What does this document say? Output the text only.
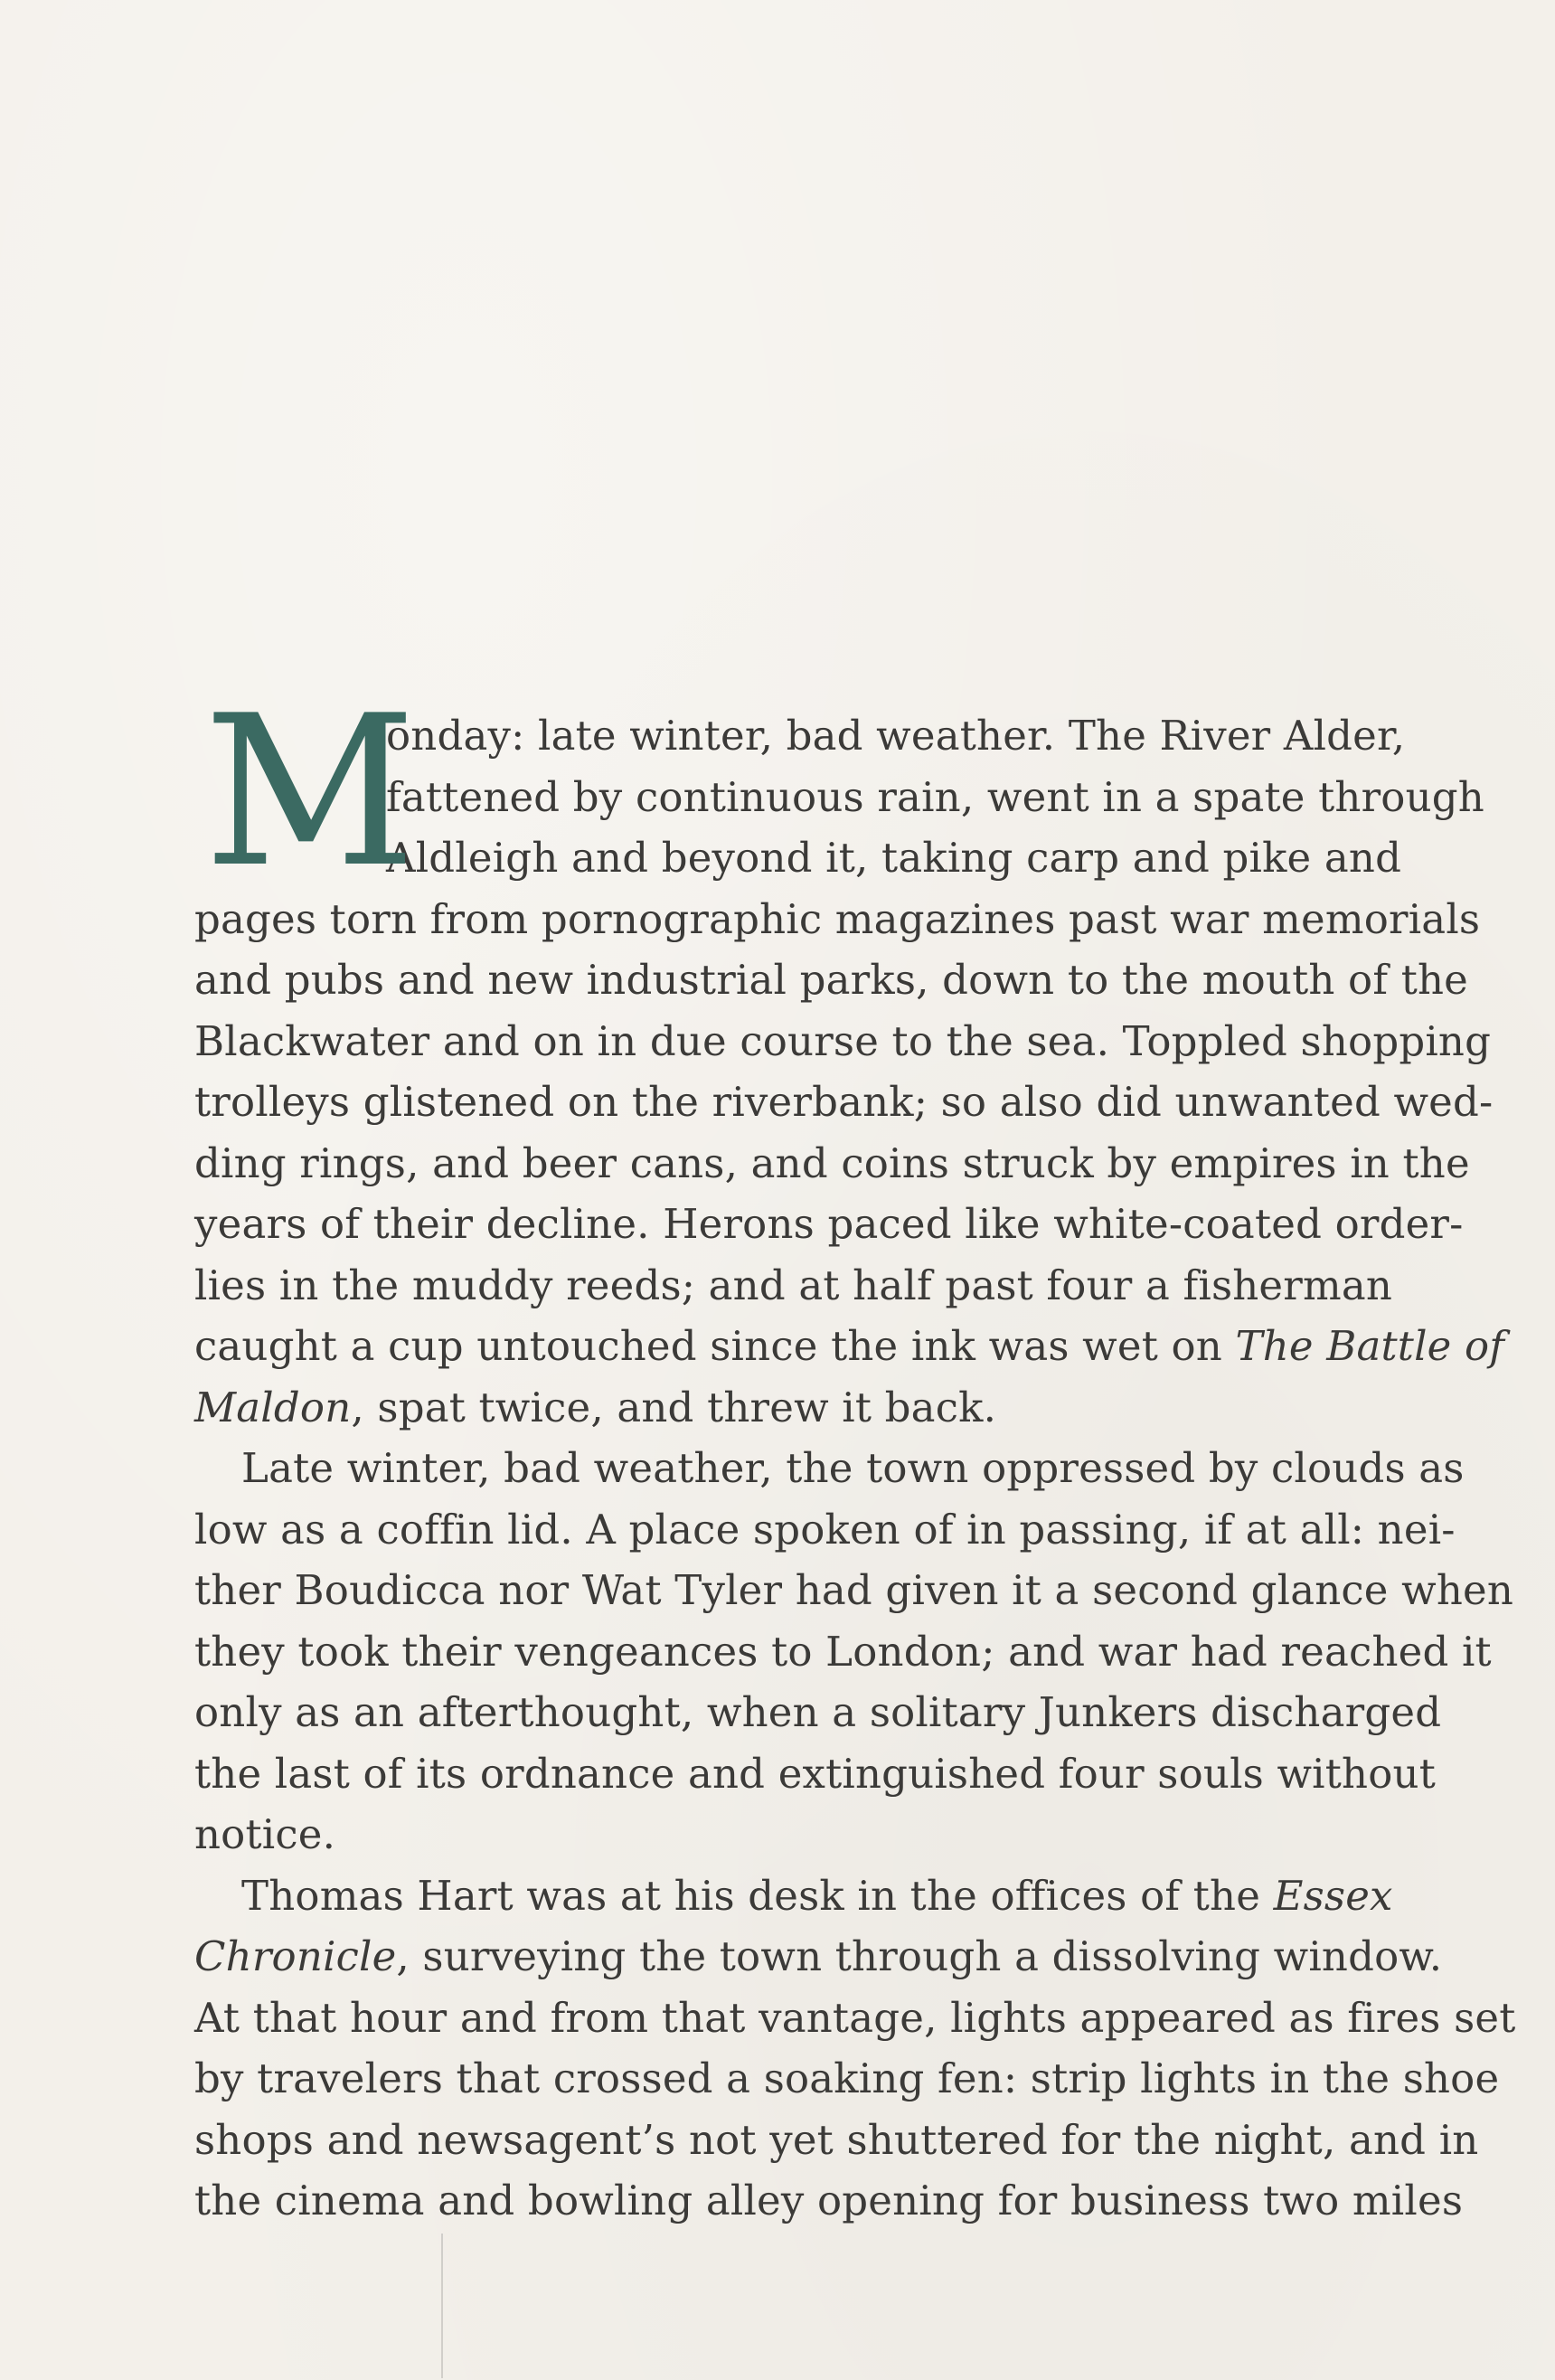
M
onday: late winter, bad weather. The River Alder,
fattened by continuous rain, went in a spate through
Aldleigh and beyond it, taking carp and pike and
pages torn from pornographic magazines past war memorials
and pubs and new industrial parks, down to the mouth of the
Blackwater and on in due course to the sea. Toppled shopping
trolleys glistened on the riverbank; so also did unwanted wed-
ding rings, and beer cans, and coins struck by empires in the
years of their decline. Herons paced like white-coated order-
lies in the muddy reeds; and at half past four a fisherman
caught a cup untouched since the ink was wet on The Battle of
Maldon, spat twice, and threw it back.
Late winter, bad weather, the town oppressed by clouds as
low as a coffin lid. A place spoken of in passing, if at all: nei-
ther Boudicca nor Wat Tyler had given it a second glance when
they took their vengeances to London; and war had reached it
only as an afterthought, when a solitary Junkers discharged
the last of its ordnance and extinguished four souls without
notice.
Thomas Hart was at his desk in the offices of the Essex
Chronicle, surveying the town through a dissolving window.
At that hour and from that vantage, lights appeared as fires set
by travelers that crossed a soaking fen: strip lights in the shoe
shops and newsagent’s not yet shuttered for the night, and in
the cinema and bowling alley opening for business two miles
